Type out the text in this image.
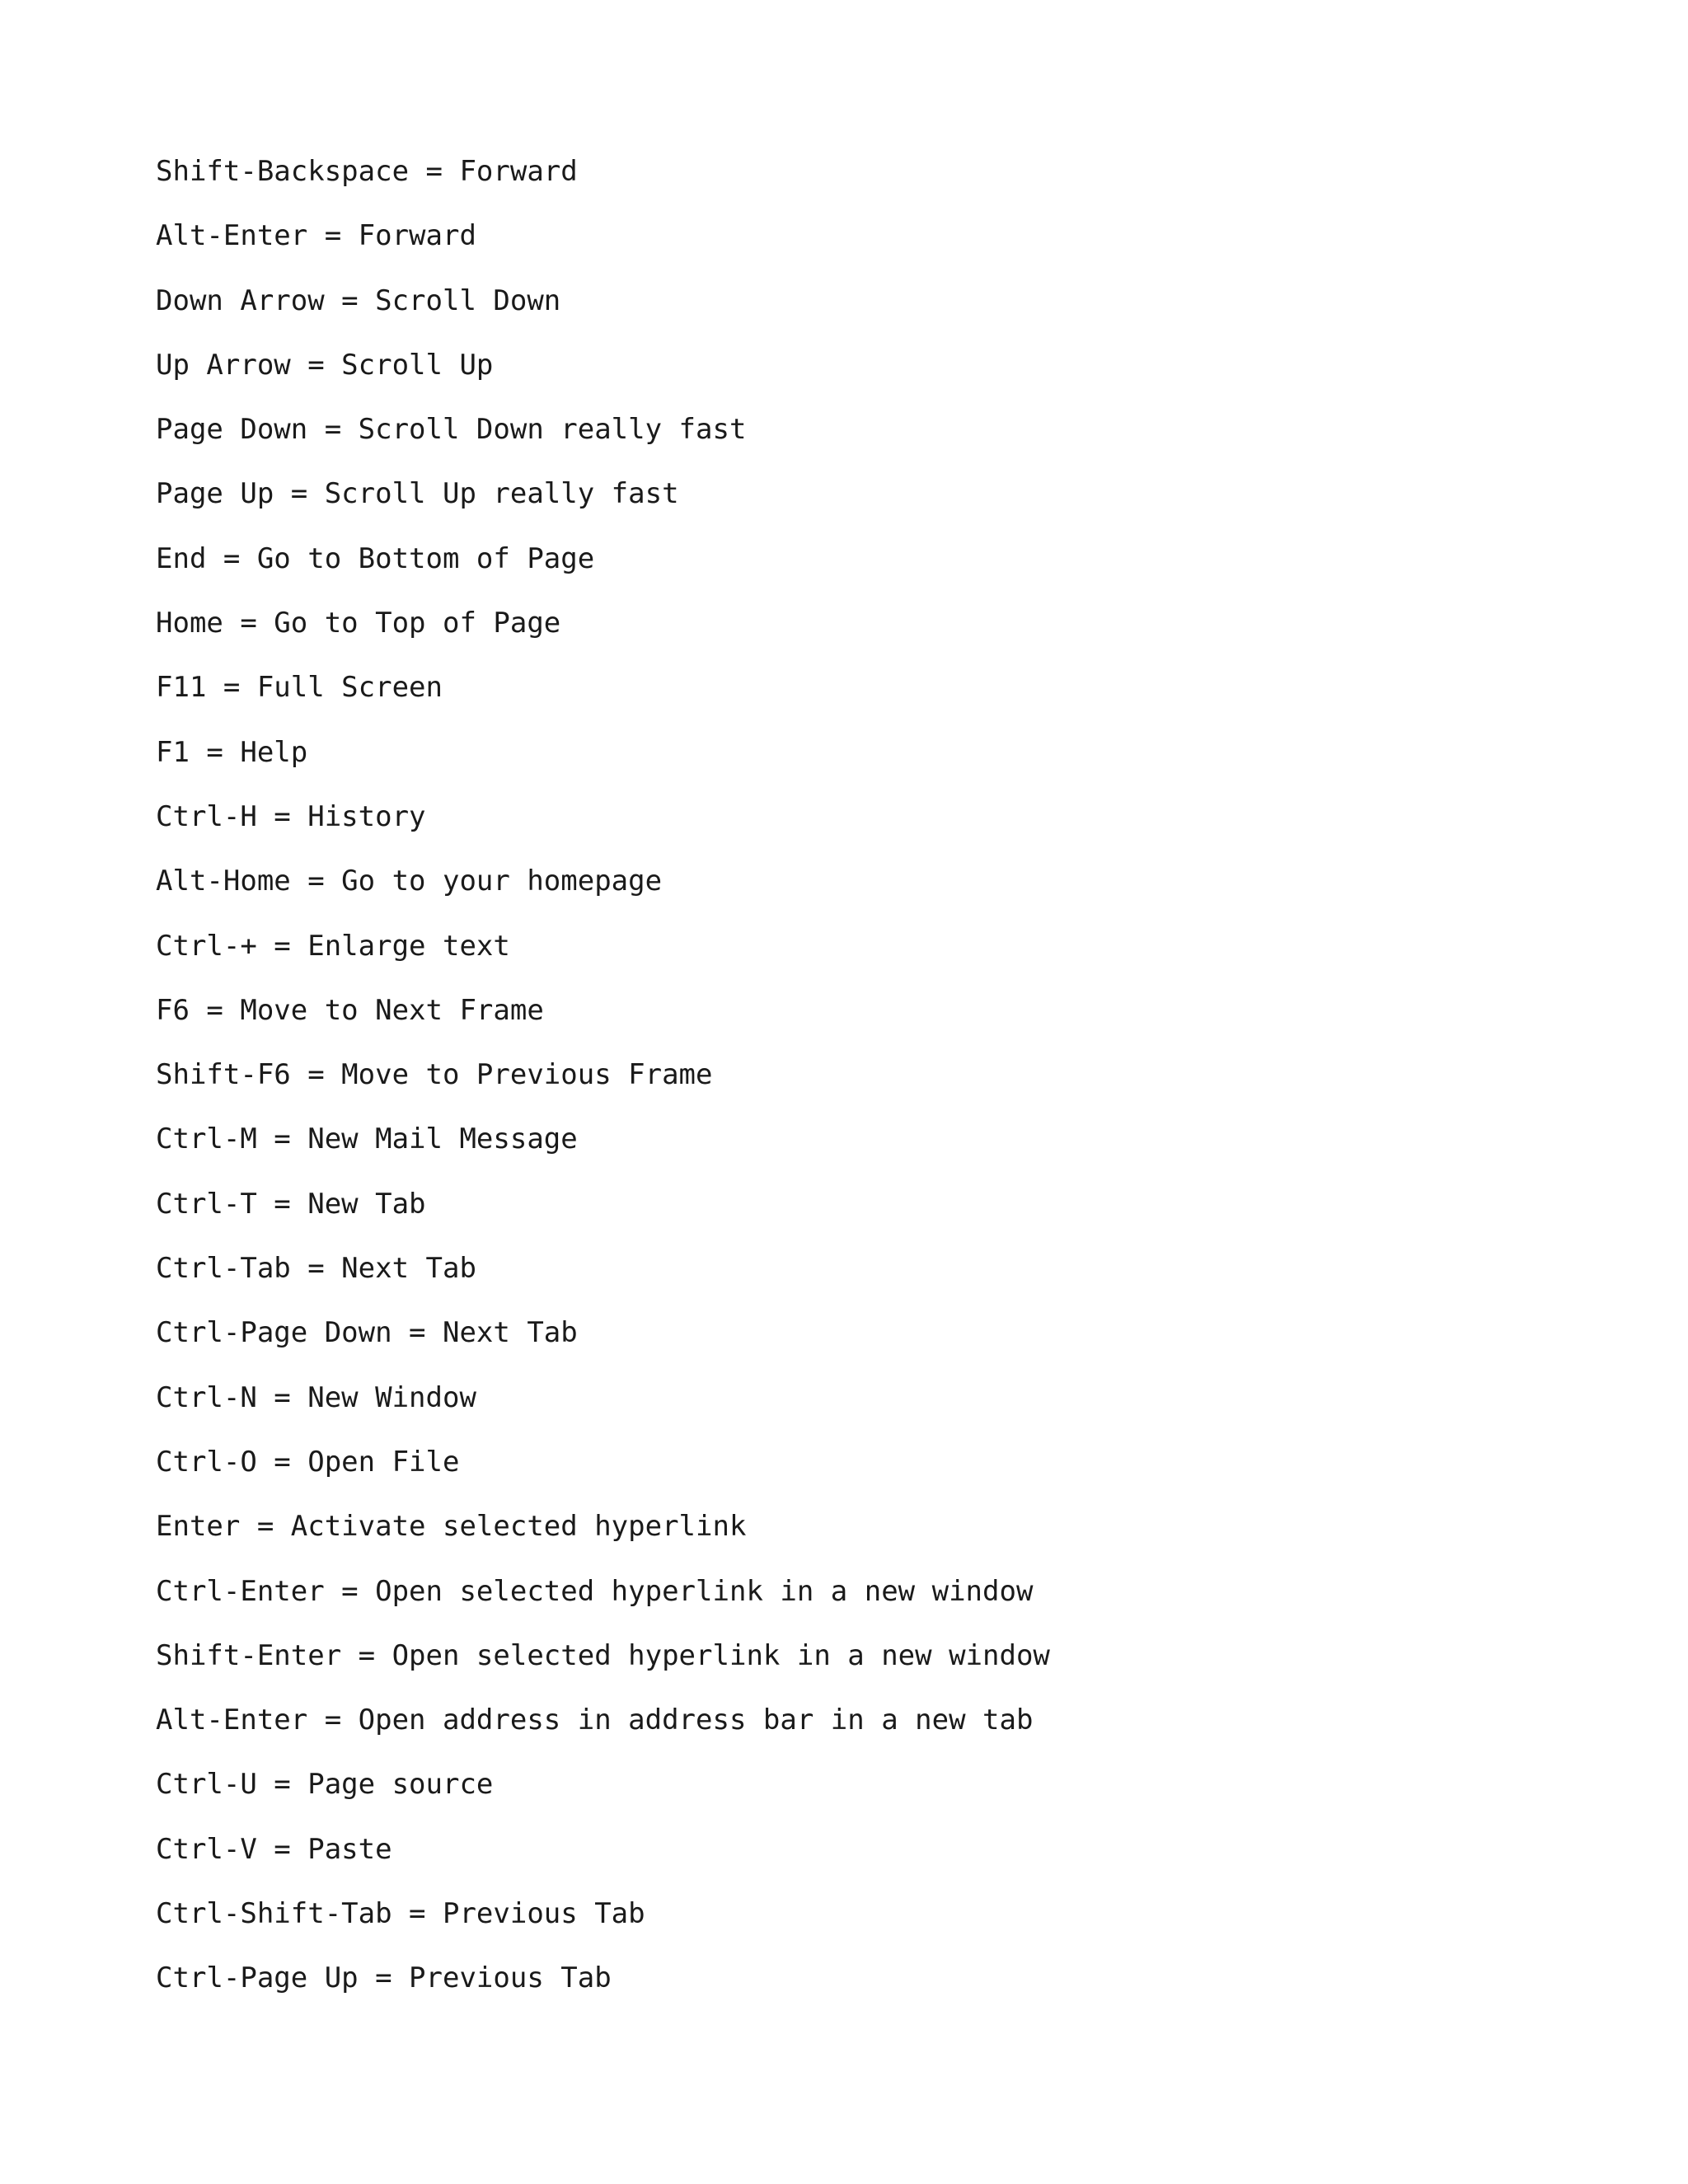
Shift-Backspace = Forward
Alt-Enter = Forward
Down Arrow = Scroll Down
Up Arrow = Scroll Up
Page Down = Scroll Down really fast
Page Up = Scroll Up really fast
End = Go to Bottom of Page
Home = Go to Top of Page
F11 = Full Screen
F1 = Help
Ctrl-H = History
Alt-Home = Go to your homepage
Ctrl-+ = Enlarge text
F6 = Move to Next Frame
Shift-F6 = Move to Previous Frame
Ctrl-M = New Mail Message
Ctrl-T = New Tab
Ctrl-Tab = Next Tab
Ctrl-Page Down = Next Tab
Ctrl-N = New Window
Ctrl-O = Open File
Enter = Activate selected hyperlink
Ctrl-Enter = Open selected hyperlink in a new window
Shift-Enter = Open selected hyperlink in a new window
Alt-Enter = Open address in address bar in a new tab
Ctrl-U = Page source
Ctrl-V = Paste
Ctrl-Shift-Tab = Previous Tab
Ctrl-Page Up = Previous Tab
